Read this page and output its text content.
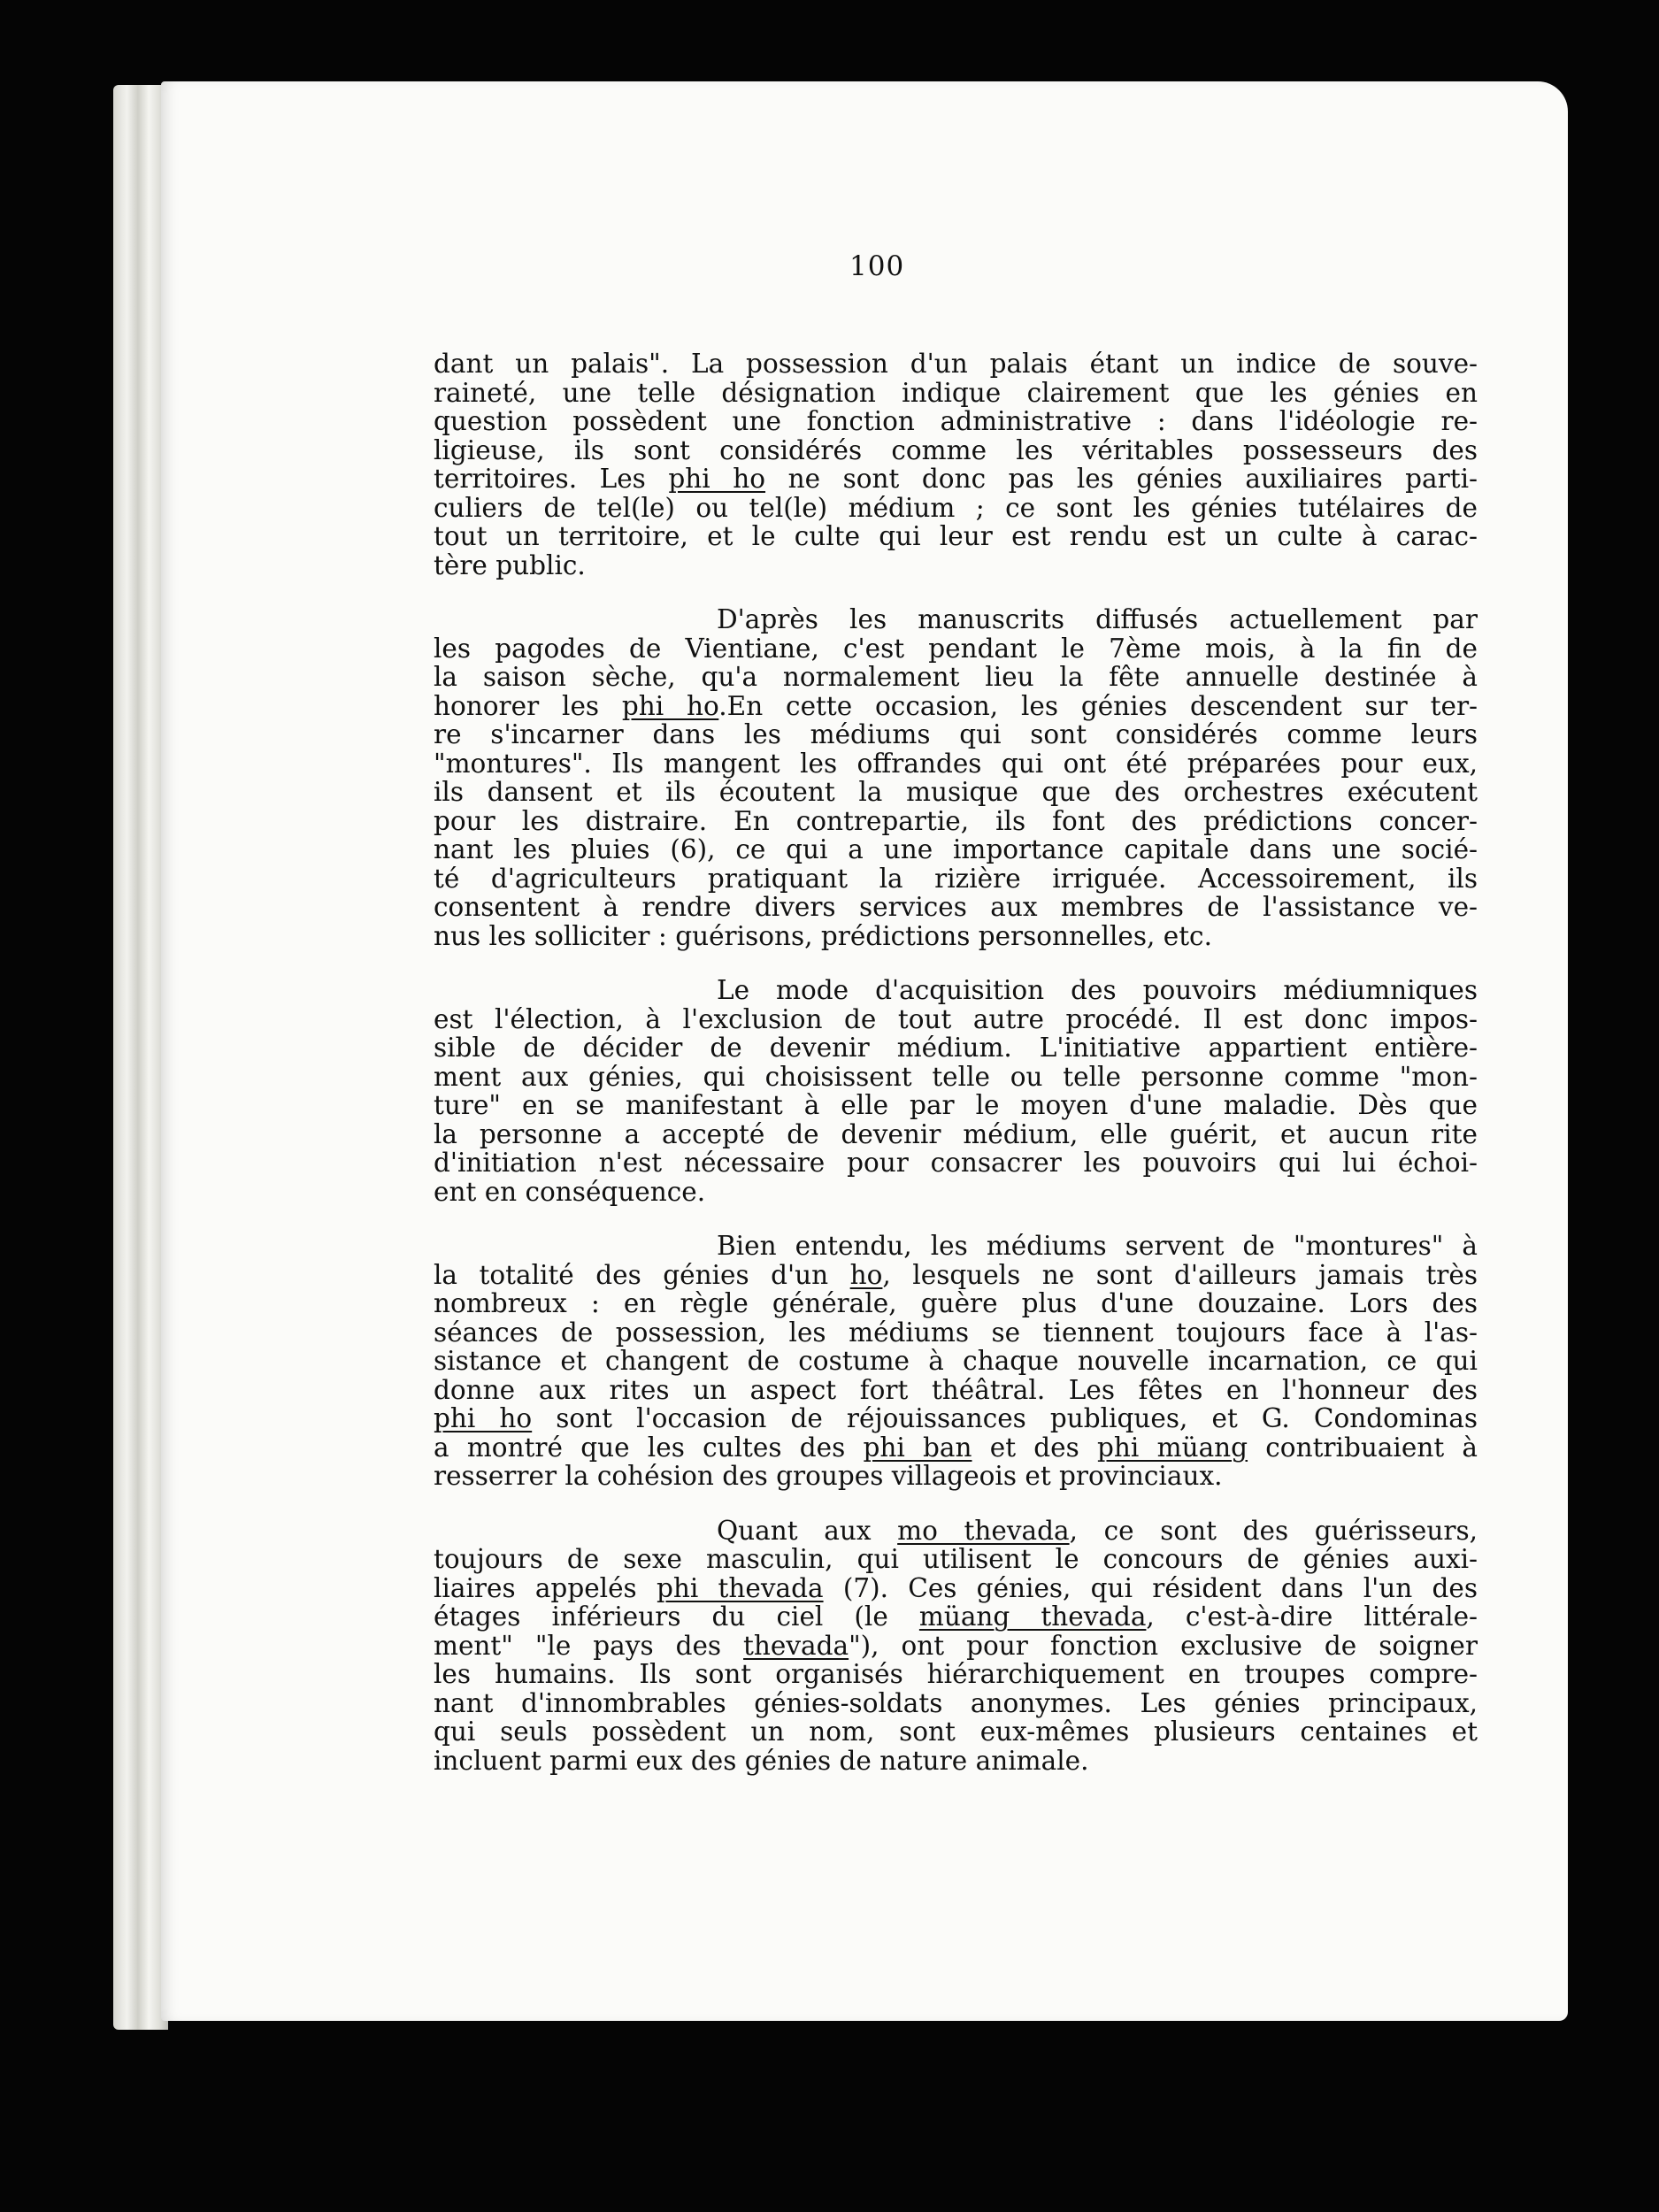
100
dant un palais". La possession d'un palais étant un indice de souve-
raineté, une telle désignation indique clairement que les génies en
question possèdent une fonction administrative : dans l'idéologie re-
ligieuse, ils sont considérés comme les véritables possesseurs des
territoires. Les phi ho ne sont donc pas les génies auxiliaires parti-
culiers de tel(le) ou tel(le) médium ; ce sont les génies tutélaires de
tout un territoire, et le culte qui leur est rendu est un culte à carac-
tère public.
D'après les manuscrits diffusés actuellement par
les pagodes de Vientiane, c'est pendant le 7ème mois, à la fin de
la saison sèche, qu'a normalement lieu la fête annuelle destinée à
honorer les phi ho.En cette occasion, les génies descendent sur ter-
re s'incarner dans les médiums qui sont considérés comme leurs
"montures". Ils mangent les offrandes qui ont été préparées pour eux,
ils dansent et ils écoutent la musique que des orchestres exécutent
pour les distraire. En contrepartie, ils font des prédictions concer-
nant les pluies (6), ce qui a une importance capitale dans une socié-
té d'agriculteurs pratiquant la rizière irriguée. Accessoirement, ils
consentent à rendre divers services aux membres de l'assistance ve-
nus les solliciter : guérisons, prédictions personnelles, etc.
Le mode d'acquisition des pouvoirs médiumniques
est l'élection, à l'exclusion de tout autre procédé. Il est donc impos-
sible de décider de devenir médium. L'initiative appartient entière-
ment aux génies, qui choisissent telle ou telle personne comme "mon-
ture" en se manifestant à elle par le moyen d'une maladie. Dès que
la personne a accepté de devenir médium, elle guérit, et aucun rite
d'initiation n'est nécessaire pour consacrer les pouvoirs qui lui échoi-
ent en conséquence.
Bien entendu, les médiums servent de "montures" à
la totalité des génies d'un ho, lesquels ne sont d'ailleurs jamais très
nombreux : en règle générale, guère plus d'une douzaine. Lors des
séances de possession, les médiums se tiennent toujours face à l'as-
sistance et changent de costume à chaque nouvelle incarnation, ce qui
donne aux rites un aspect fort théâtral. Les fêtes en l'honneur des
phi ho sont l'occasion de réjouissances publiques, et G. Condominas
a montré que les cultes des phi ban et des phi müang contribuaient à
resserrer la cohésion des groupes villageois et provinciaux.
Quant aux mo thevada, ce sont des guérisseurs,
toujours de sexe masculin, qui utilisent le concours de génies auxi-
liaires appelés phi thevada (7). Ces génies, qui résident dans l'un des
étages inférieurs du ciel (le müang thevada, c'est-à-dire littérale-
ment" "le pays des thevada"), ont pour fonction exclusive de soigner
les humains. Ils sont organisés hiérarchiquement en troupes compre-
nant d'innombrables génies-soldats anonymes. Les génies principaux,
qui seuls possèdent un nom, sont eux-mêmes plusieurs centaines et
incluent parmi eux des génies de nature animale.
